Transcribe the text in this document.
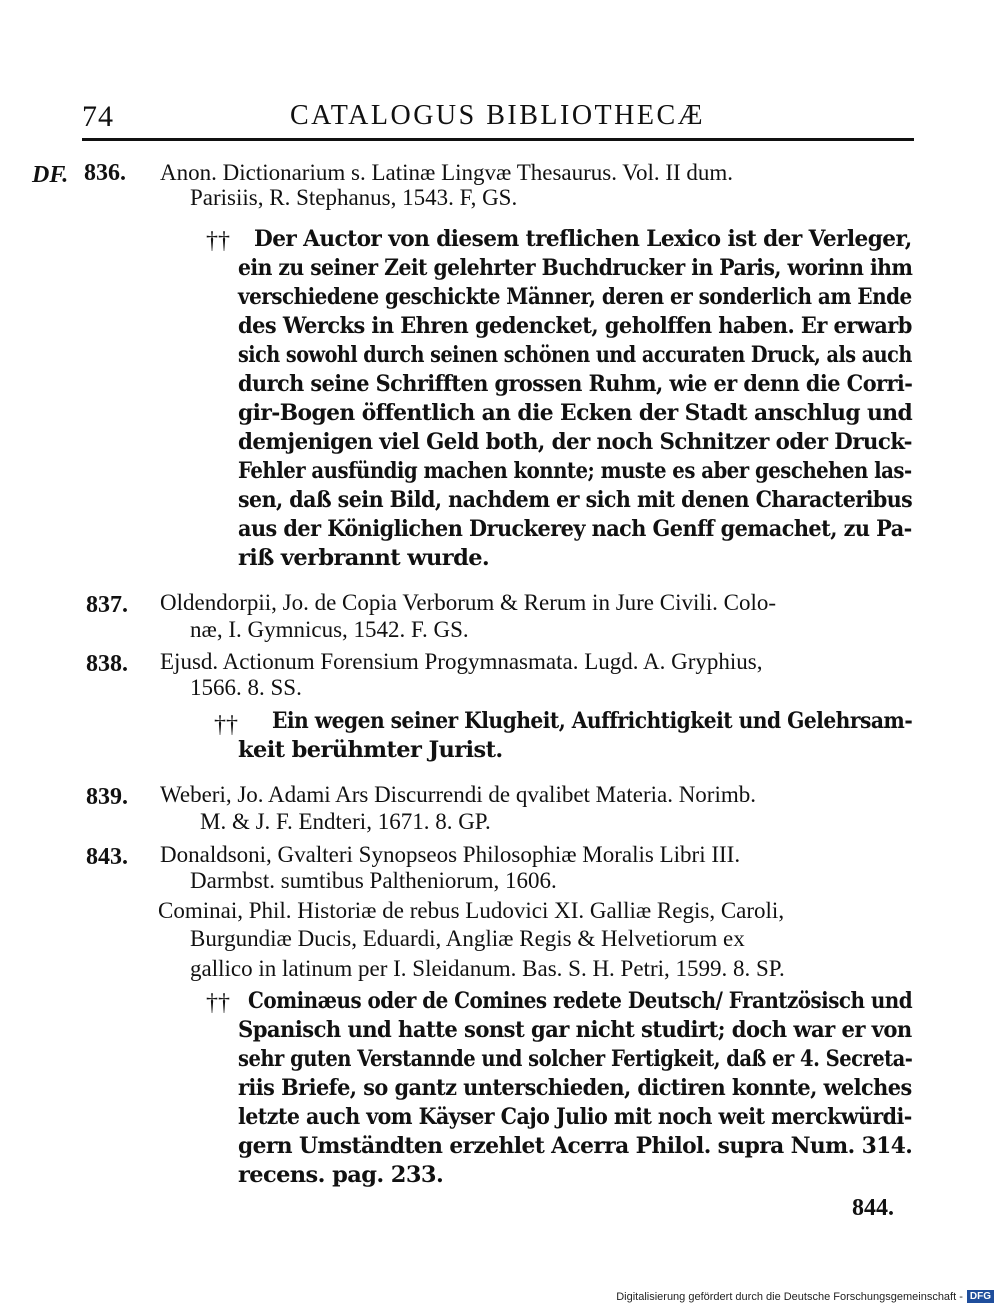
74	CATALOGUS BIBLIOTHECÆ
DF. 836. Anon. Dictionarium s. Latinæ Lingvæ Thesaurus. Vol. II dum.
Parisiis, R. Stephanus, 1543. F, GS.
†† Der Auctor von diesem treflichen Lexico ist der Verleger,
ein zu seiner Zeit gelehrter Buchdrucker in Paris, worinn ihm
verschiedene geschickte Männer, deren er sonderlich am Ende
des Wercks in Ehren gedencket, geholffen haben. Er erwarb
sich sowohl durch seinen schönen und accuraten Druck, als auch
durch seine Schrifften grossen Ruhm, wie er denn die Corri-
gir-Bogen öffentlich an die Ecken der Stadt anschlug und
demjenigen viel Geld both, der noch Schnitzer oder Druck-
Fehler ausfündig machen konnte; muste es aber geschehen las-
sen, daß sein Bild, nachdem er sich mit denen Characteribus
aus der Königlichen Druckerey nach Genff gemachet, zu Pa-
riß verbrannt wurde.
837. Oldendorpii, Jo. de Copia Verborum & Rerum in Jure Civili. Colo-
næ, I. Gymnicus, 1542. F. GS.
838. Ejusd. Actionum Forensium Progymnasmata. Lugd. A. Gryphius,
1566. 8. SS.
†† Ein wegen seiner Klugheit, Auffrichtigkeit und Gelehrsam-
keit berühmter Jurist.
839. Weberi, Jo. Adami Ars Discurrendi de qvalibet Materia. Norimb.
M. & J. F. Endteri, 1671. 8. GP.
843. Donaldsoni, Gvalteri Synopseos Philosophiæ Moralis Libri III.
Darmbst. sumtibus Paltheniorum, 1606.
Cominai, Phil. Historiæ de rebus Ludovici XI. Galliæ Regis, Caroli,
Burgundiæ Ducis, Eduardi, Angliæ Regis & Helvetiorum ex
gallico in latinum per I. Sleidanum. Bas. S. H. Petri, 1599. 8. SP.
†† Cominæus oder de Comines redete Deutsch/ Frantzösisch und
Spanisch und hatte sonst gar nicht studirt; doch war er von
sehr guten Verstannde und solcher Fertigkeit, daß er 4. Secreta-
riis Briefe, so gantz unterschieden, dictiren konnte, welches
letzte auch vom Käyser Cajo Julio mit noch weit merckwürdi-
gern Umständten erzehlet Acerra Philol. supra Num. 314.
recens. pag. 233.
844.
Digitalisierung gefördert durch die Deutsche Forschungsgemeinschaft - DFG
